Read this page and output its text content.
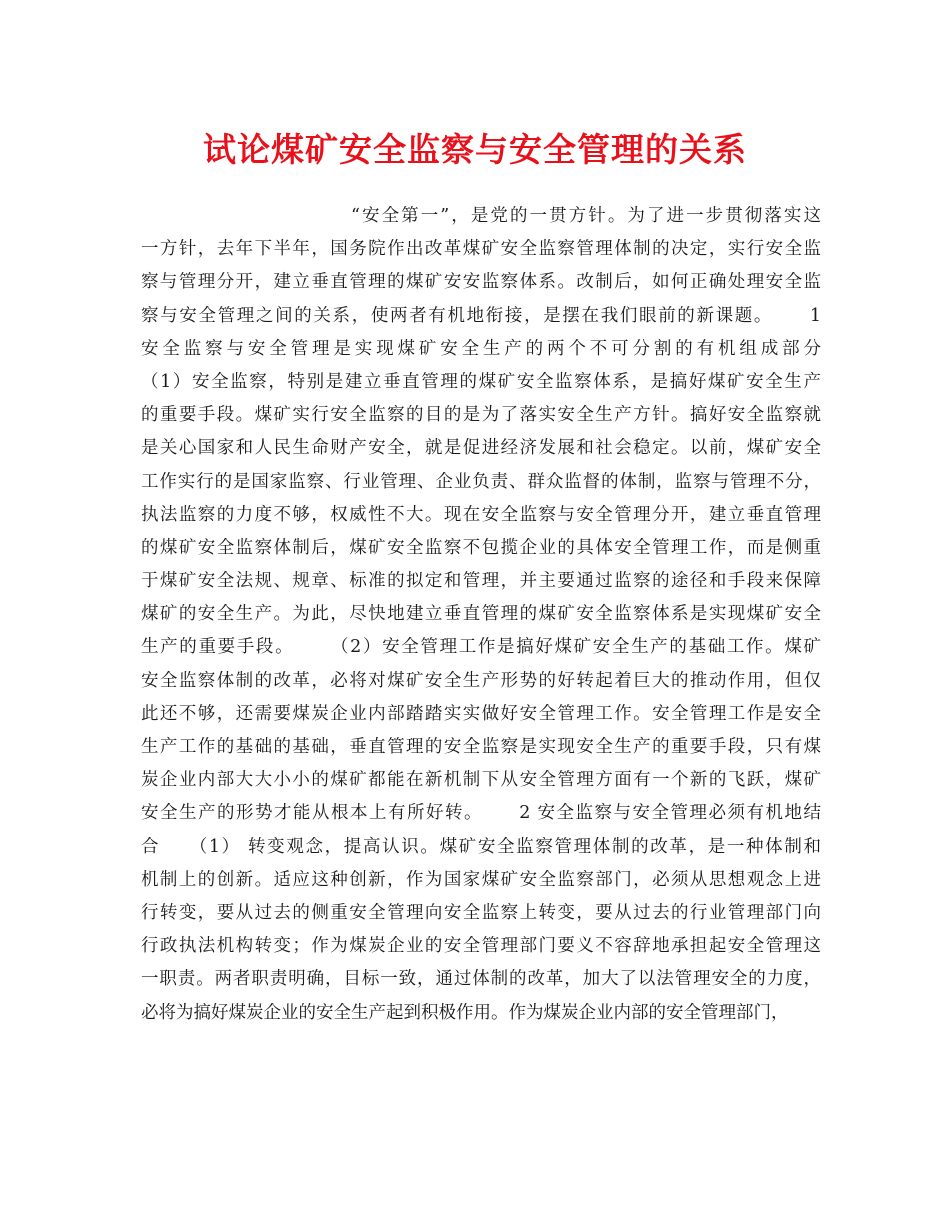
试论煤矿安全监察与安全管理的关系
“安全第一”，是党的一贯方针。为了进一步贯彻落实这
一方针，去年下半年，国务院作出改革煤矿安全监察管理体制的决定，实行安全监
察与管理分开，建立垂直管理的煤矿安安监察体系。改制后，如何正确处理安全监
察与安全管理之间的关系，使两者有机地衔接，是摆在我们眼前的新课题。　　 1
安全监察与安全管理是实现煤矿安全生产的两个不可分割的有机组成部分
（1）安全监察，特别是建立垂直管理的煤矿安全监察体系，是搞好煤矿安全生产
的重要手段。煤矿实行安全监察的目的是为了落实安全生产方针。搞好安全监察就
是关心国家和人民生命财产安全，就是促进经济发展和社会稳定。以前，煤矿安全
工作实行的是国家监察、行业管理、企业负责、群众监督的体制，监察与管理不分，
执法监察的力度不够，权威性不大。现在安全监察与安全管理分开，建立垂直管理
的煤矿安全监察体制后，煤矿安全监察不包揽企业的具体安全管理工作，而是侧重
于煤矿安全法规、规章、标准的拟定和管理，并主要通过监察的途径和手段来保障
煤矿的安全生产。为此，尽快地建立垂直管理的煤矿安全监察体系是实现煤矿安全
生产的重要手段。　　 （2）安全管理工作是搞好煤矿安全生产的基础工作。煤矿
安全监察体制的改革，必将对煤矿安全生产形势的好转起着巨大的推动作用，但仅
此还不够，还需要煤炭企业内部踏踏实实做好安全管理工作。安全管理工作是安全
生产工作的基础的基础，垂直管理的安全监察是实现安全生产的重要手段，只有煤
炭企业内部大大小小的煤矿都能在新机制下从安全管理方面有一个新的飞跃，煤矿
安全生产的形势才能从根本上有所好转。　　 2 安全监察与安全管理必须有机地结
合　　（1） 转变观念，提高认识。煤矿安全监察管理体制的改革，是一种体制和
机制上的创新。适应这种创新，作为国家煤矿安全监察部门，必须从思想观念上进
行转变，要从过去的侧重安全管理向安全监察上转变，要从过去的行业管理部门向
行政执法机构转变；作为煤炭企业的安全管理部门要义不容辞地承担起安全管理这
一职责。两者职责明确，目标一致，通过体制的改革，加大了以法管理安全的力度，
必将为搞好煤炭企业的安全生产起到积极作用。作为煤炭企业内部的安全管理部门，
